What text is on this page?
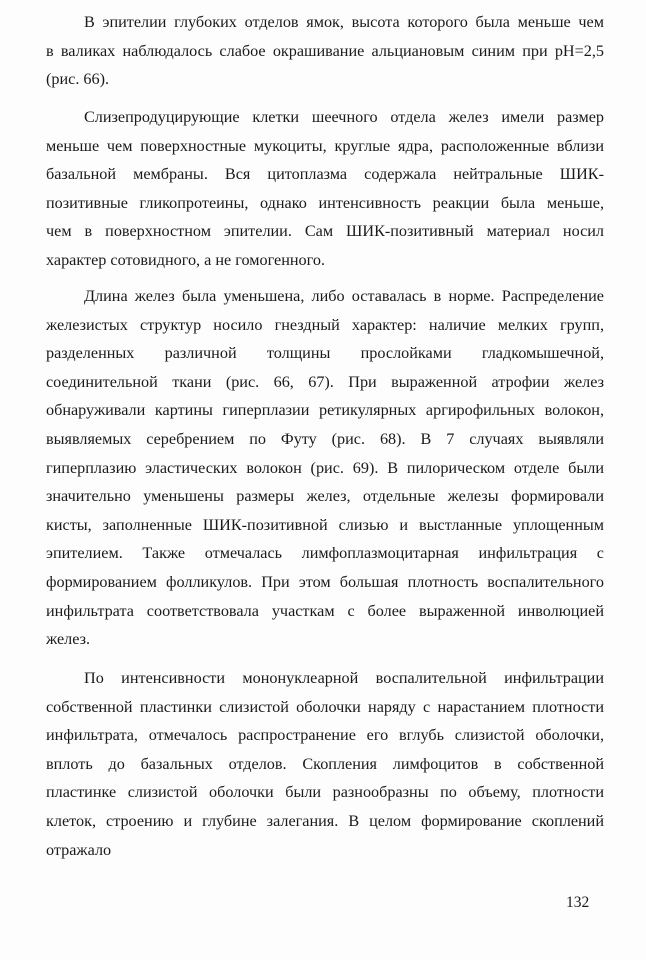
В эпителии глубоких отделов ямок, высота которого была меньше чем
в валиках наблюдалось слабое окрашивание альциановым синим при pH=2,5
(рис. 66).
Слизепродуцирующие клетки шеечного отдела желез имели размер
меньше чем поверхностные мукоциты, круглые ядра, расположенные вблизи
базальной мембраны. Вся цитоплазма содержала нейтральные ШИК-
позитивные гликопротеины, однако интенсивность реакции была меньше,
чем в поверхностном эпителии. Сам ШИК-позитивный материал носил
характер сотовидного, а не гомогенного.
Длина желез была уменьшена, либо оставалась в норме. Распределение
железистых структур носило гнездный характер: наличие мелких групп,
разделенных различной толщины прослойками гладкомышечной,
соединительной ткани (рис. 66, 67). При выраженной атрофии желез
обнаруживали картины гиперплазии ретикулярных аргирофильных волокон,
выявляемых серебрением по Футу (рис. 68). В 7 случаях выявляли
гиперплазию эластических волокон (рис. 69). В пилорическом отделе были
значительно уменьшены размеры желез, отдельные железы формировали
кисты, заполненные ШИК-позитивной слизью и выстланные уплощенным
эпителием. Также отмечалась лимфоплазмоцитарная инфильтрация с
формированием фолликулов. При этом большая плотность воспалительного
инфильтрата соответствовала участкам с более выраженной инволюцией
желез.
По интенсивности мононуклеарной воспалительной инфильтрации
собственной пластинки слизистой оболочки наряду с нарастанием плотности
инфильтрата, отмечалось распространение его вглубь слизистой оболочки,
вплоть до базальных отделов. Скопления лимфоцитов в собственной
пластинке слизистой оболочки были разнообразны по объему, плотности
клеток, строению и глубине залегания. В целом формирование скоплений
отражало
132
